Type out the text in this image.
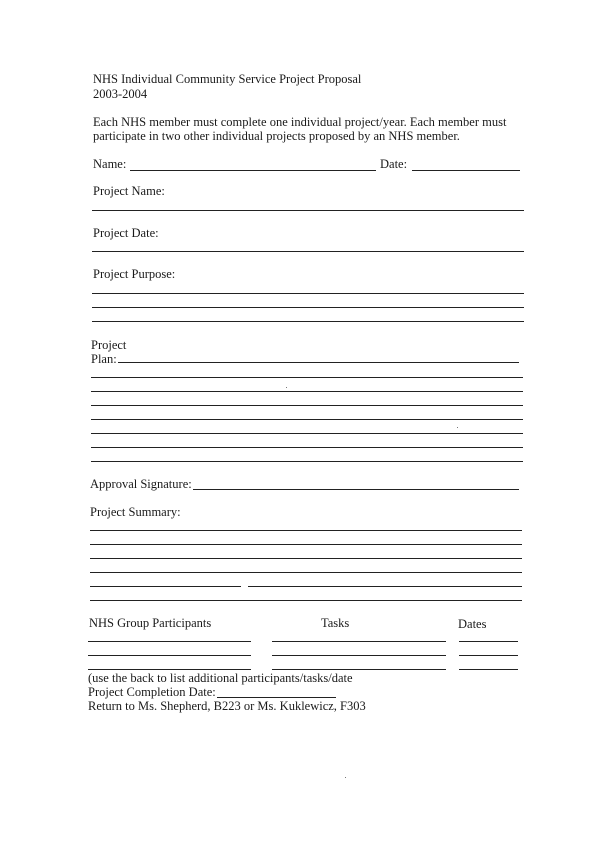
NHS Individual Community Service Project Proposal
2003-2004
Each NHS member must complete one individual project/year. Each member must
participate in two other individual projects proposed by an NHS member.
Name:	Date:
Project Name:
Project Date:
Project Purpose:
Project
Plan:
Approval Signature:
Project Summary:
NHS Group Participants	Tasks	Dates
(use the back to list additional participants/tasks/date
Project Completion Date:
Return to Ms. Shepherd, B223 or Ms. Kuklewicz, F303
